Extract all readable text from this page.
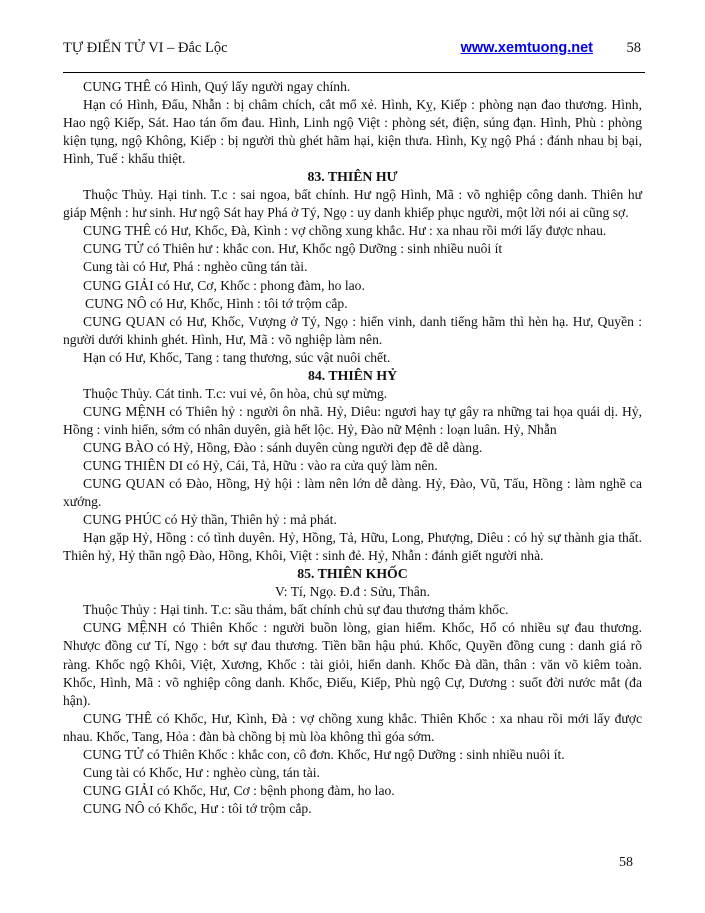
TỰ ĐIỂN TỬ VI – Đắc Lộc	www.xemtuong.net 58

CUNG THÊ có Hình, Quý lấy người ngay chính.

Hạn có Hình, Đẩu, Nhẫn : bị châm chích, cắt mổ xẻ. Hình, Kỵ, Kiếp : phòng nạn đao thương. Hình, Hao ngộ Kiếp, Sát. Hao tán ốm đau. Hình, Linh ngộ Việt : phòng sét, điện, súng đạn. Hình, Phù : phòng kiện tụng, ngộ Không, Kiếp : bị người thù ghét hãm hại, kiện thưa. Hình, Kỵ ngộ Phá : đánh nhau bị bại, Hình, Tuế : khẩu thiệt.

83. THIÊN HƯ

Thuộc Thủy. Hại tinh. T.c : sai ngoa, bất chính. Hư ngộ Hình, Mã : võ nghiệp công danh. Thiên hư giáp Mệnh : hư sinh. Hư ngộ Sát hay Phá ở Tý, Ngọ : uy danh khiếp phục người, một lời nói ai cũng sợ.

CUNG THÊ có Hư, Khốc, Đà, Kình : vợ chồng xung khắc. Hư : xa nhau rồi mới lấy được nhau.

CUNG TỬ có Thiên hư : khắc con. Hư, Khốc ngộ Dưỡng : sinh nhiều nuôi ít

Cung tài có Hư, Phá : nghèo cũng tán tài.

CUNG GIẢI có Hư, Cơ, Khốc : phong đàm, ho lao.

CUNG NÔ có Hư, Khốc, Hình : tôi tớ trộm cắp.

CUNG QUAN có Hư, Khốc, Vượng ở Tý, Ngọ : hiển vinh, danh tiếng hãm thì hèn hạ. Hư, Quyền : người dưới khinh ghét. Hình, Hư, Mã : võ nghiệp làm nên.

Hạn có Hư, Khốc, Tang : tang thương, súc vật nuôi chết.

84. THIÊN HỶ

Thuộc Thủy. Cát tinh. T.c: vui vẻ, ôn hòa, chủ sự mừng.

CUNG MỆNH có Thiên hỷ : người ôn nhã. Hỷ, Diêu: ngươi hay tự gây ra những tai họa quái dị. Hỷ, Hồng : vinh hiển, sớm có nhân duyên, già hết lộc. Hỷ, Đào nữ Mệnh : loạn luân. Hỷ, Nhẫn

CUNG BÀO có Hỷ, Hồng, Đào : sánh duyên cùng người đẹp đẽ dễ dàng.

CUNG THIÊN DI có Hỷ, Cái, Tả, Hữu : vào ra cửa quý làm nên.

CUNG QUAN có Đào, Hồng, Hỷ hội : làm nên lớn dễ dàng. Hỷ, Đào, Vũ, Tấu, Hồng : làm nghề ca xướng.

CUNG PHÚC có Hỷ thần, Thiên hỷ : mả phát.

Hạn gặp Hỷ, Hồng : có tình duyên. Hỷ, Hồng, Tả, Hữu, Long, Phượng, Diêu : có hỷ sự thành gia thất. Thiên hỷ, Hỷ thần ngộ Đào, Hồng, Khôi, Việt : sinh đẻ. Hỷ, Nhẫn : đánh giết người nhà.

85. THIÊN KHỐC

V: Tí, Ngọ. Đ.đ : Sửu, Thân.

Thuộc Thủy : Hại tinh. T.c: sầu thảm, bất chính chủ sự đau thương thảm khốc.

CUNG MỆNH có Thiên Khốc : người buồn lòng, gian hiểm. Khốc, Hổ có nhiều sự đau thương. Nhược đồng cư Tí, Ngọ : bớt sự đau thương. Tiền bần hậu phú. Khốc, Quyền đồng cung : danh giá rõ ràng. Khốc ngộ Khôi, Việt, Xương, Khốc : tài giỏi, hiển danh. Khốc Đà dần, thân : văn võ kiêm toàn. Khốc, Hình, Mã : võ nghiệp công danh. Khốc, Điếu, Kiếp, Phù ngộ Cự, Dương : suốt đời nước mắt (đa hận).

CUNG THÊ có Khốc, Hư, Kình, Đà : vợ chồng xung khắc. Thiên Khốc : xa nhau rồi mới lấy được nhau. Khốc, Tang, Hỏa : đàn bà chồng bị mù lòa không thì góa sớm.

CUNG TỬ có Thiên Khốc : khắc con, cô đơn. Khốc, Hư ngộ Dưỡng : sinh nhiều nuôi ít.

Cung tài có Khốc, Hư : nghèo cùng, tán tài.

CUNG GIẢI có Khốc, Hư, Cơ : bệnh phong đàm, ho lao.

CUNG NÔ có Khốc, Hư : tôi tớ trộm cắp.

58
